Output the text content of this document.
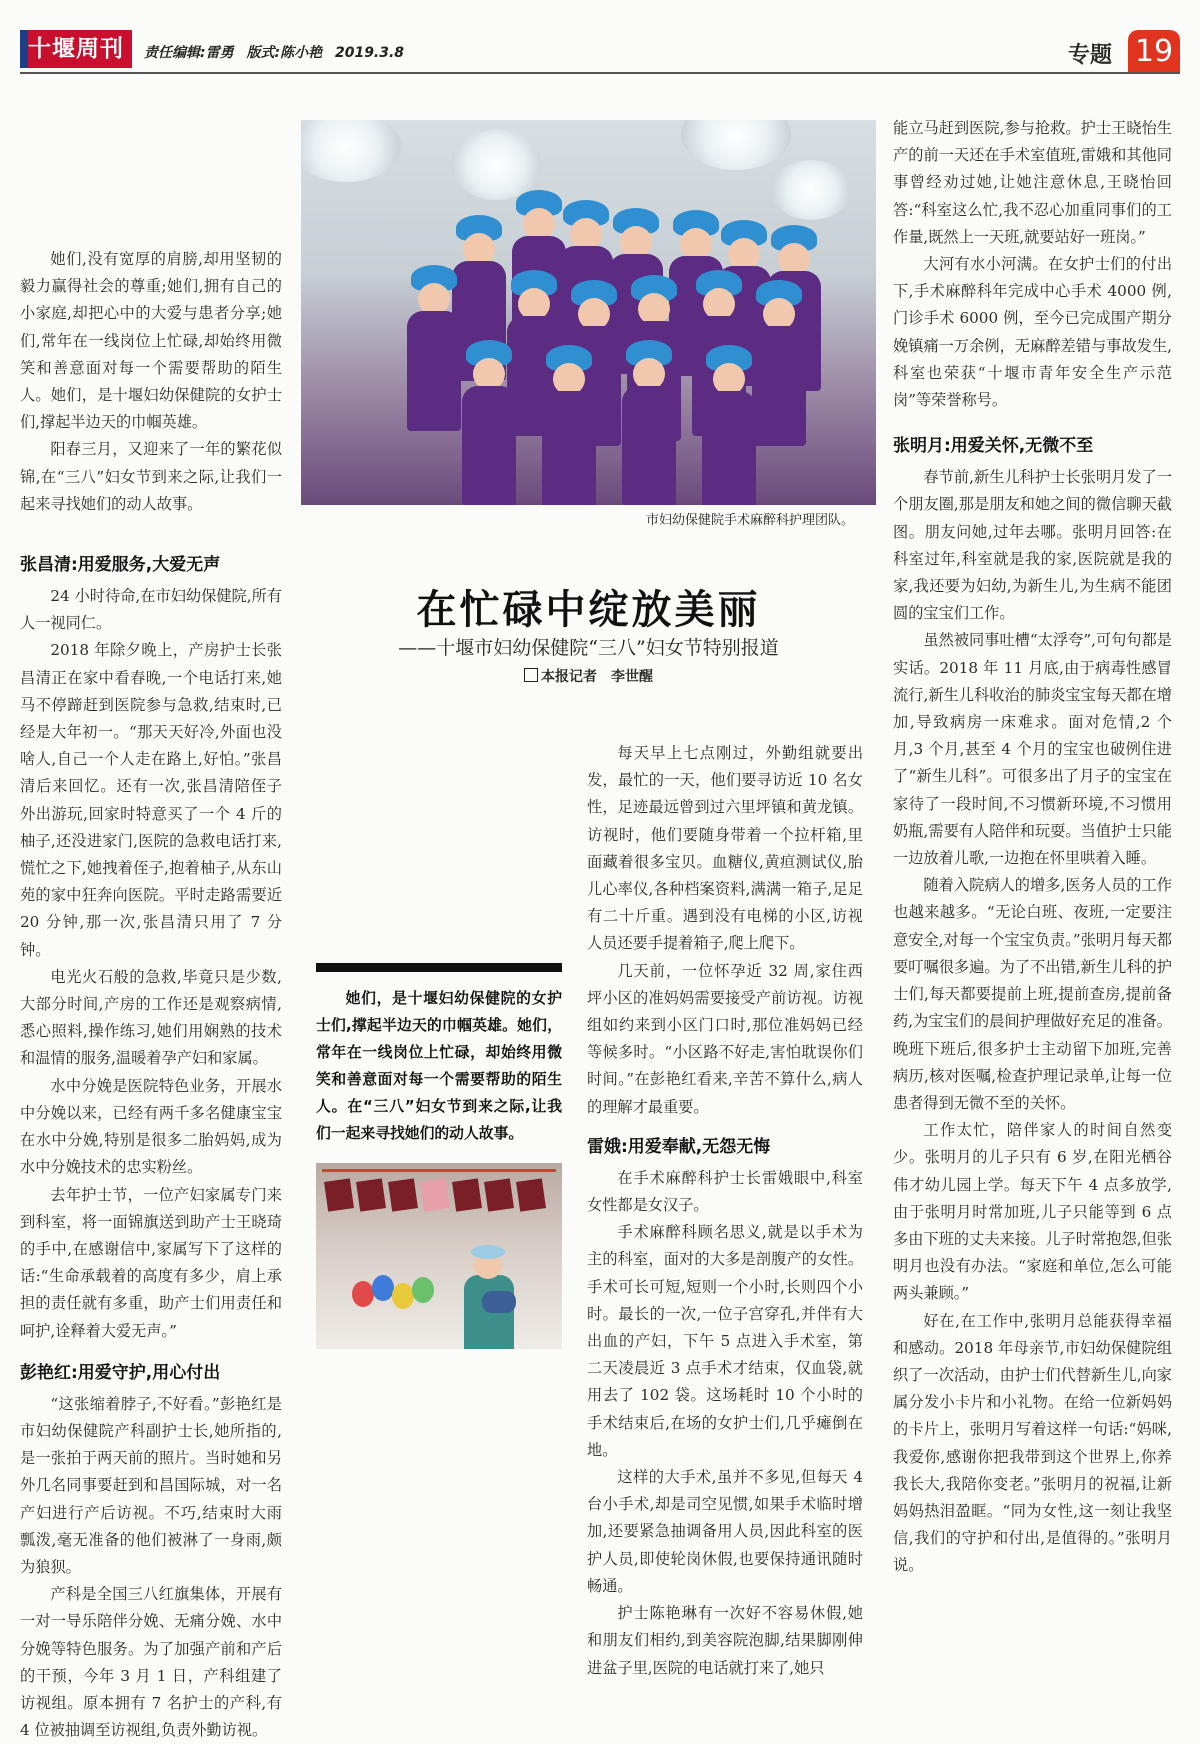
十堰周刊	责任编辑:雷勇 版式:陈小艳 2019.3.8	专题 19

她们,没有宽厚的肩膀,却用坚韧的毅力赢得社会的尊重;她们,拥有自己的小家庭,却把心中的大爱与患者分享;她们,常年在一线岗位上忙碌,却始终用微笑和善意面对每一个需要帮助的陌生人。她们，是十堰妇幼保健院的女护士们,撑起半边天的巾帼英雄。

阳春三月，又迎来了一年的繁花似锦,在“三八”妇女节到来之际,让我们一起来寻找她们的动人故事。

张昌清:用爱服务,大爱无声

24 小时待命,在市妇幼保健院,所有人一视同仁。

2018 年除夕晚上，产房护士长张昌清正在家中看春晚,一个电话打来,她马不停蹄赶到医院参与急救,结束时,已经是大年初一。“那天天好冷,外面也没啥人,自己一个人走在路上,好怕。”张昌清后来回忆。还有一次,张昌清陪侄子外出游玩,回家时特意买了一个 4 斤的柚子,还没进家门,医院的急救电话打来,慌忙之下,她拽着侄子,抱着柚子,从东山苑的家中狂奔向医院。平时走路需要近 20 分钟,那一次,张昌清只用了 7 分钟。

电光火石般的急救,毕竟只是少数,大部分时间,产房的工作还是观察病情,悉心照料,操作练习,她们用娴熟的技术和温情的服务,温暖着孕产妇和家属。

水中分娩是医院特色业务，开展水中分娩以来，已经有两千多名健康宝宝在水中分娩,特别是很多二胎妈妈,成为水中分娩技术的忠实粉丝。

去年护士节，一位产妇家属专门来到科室，将一面锦旗送到助产士王晓琦的手中,在感谢信中,家属写下了这样的话:“生命承载着的高度有多少，肩上承担的责任就有多重，助产士们用责任和呵护,诠释着大爱无声。”

彭艳红:用爱守护,用心付出

“这张缩着脖子,不好看。”彭艳红是市妇幼保健院产科副护士长,她所指的,是一张拍于两天前的照片。当时她和另外几名同事要赶到和昌国际城，对一名产妇进行产后访视。不巧,结束时大雨瓢泼,毫无准备的他们被淋了一身雨,颇为狼狈。

产科是全国三八红旗集体，开展有一对一导乐陪伴分娩、无痛分娩、水中分娩等特色服务。为了加强产前和产后的干预，今年 3 月 1 日，产科组建了访视组。原本拥有 7 名护士的产科,有 4 位被抽调至访视组,负责外勤访视。

市妇幼保健院手术麻醉科护理团队。
在忙碌中绽放美丽
——十堰市妇幼保健院“三八”妇女节特别报道
本报记者　李世醒

她们，是十堰妇幼保健院的女护士们,撑起半边天的巾帼英雄。她们，常年在一线岗位上忙碌，却始终用微笑和善意面对每一个需要帮助的陌生人。在“三八”妇女节到来之际,让我们一起来寻找她们的动人故事。

每天早上七点刚过，外勤组就要出发，最忙的一天，他们要寻访近 10 名女性，足迹最远曾到过六里坪镇和黄龙镇。访视时，他们要随身带着一个拉杆箱,里面藏着很多宝贝。血糖仪,黄疸测试仪,胎儿心率仪,各种档案资料,满满一箱子,足足有二十斤重。遇到没有电梯的小区,访视人员还要手提着箱子,爬上爬下。

几天前，一位怀孕近 32 周,家住西坪小区的准妈妈需要接受产前访视。访视组如约来到小区门口时,那位准妈妈已经等候多时。“小区路不好走,害怕耽误你们时间。”在彭艳红看来,辛苦不算什么,病人的理解才最重要。

雷娥:用爱奉献,无怨无悔

在手术麻醉科护士长雷娥眼中,科室女性都是女汉子。

手术麻醉科顾名思义,就是以手术为主的科室，面对的大多是剖腹产的女性。手术可长可短,短则一个小时,长则四个小时。最长的一次,一位子宫穿孔,并伴有大出血的产妇，下午 5 点进入手术室，第二天凌晨近 3 点手术才结束，仅血袋,就用去了 102 袋。这场耗时 10 个小时的手术结束后,在场的女护士们,几乎瘫倒在地。

这样的大手术,虽并不多见,但每天 4 台小手术,却是司空见惯,如果手术临时增加,还要紧急抽调备用人员,因此科室的医护人员,即使轮岗休假,也要保持通讯随时畅通。

护士陈艳琳有一次好不容易休假,她和朋友们相约,到美容院泡脚,结果脚刚伸进盆子里,医院的电话就打来了,她只

能立马赶到医院,参与抢救。护士王晓怡生产的前一天还在手术室值班,雷娥和其他同事曾经劝过她,让她注意休息,王晓怡回答:“科室这么忙,我不忍心加重同事们的工作量,既然上一天班,就要站好一班岗。”

大河有水小河满。在女护士们的付出下,手术麻醉科年完成中心手术 4000 例,门诊手术 6000 例，至今已完成围产期分娩镇痛一万余例，无麻醉差错与事故发生,科室也荣获“十堰市青年安全生产示范岗”等荣誉称号。

张明月:用爱关怀,无微不至

春节前,新生儿科护士长张明月发了一个朋友圈,那是朋友和她之间的微信聊天截图。朋友问她,过年去哪。张明月回答:在科室过年,科室就是我的家,医院就是我的家,我还要为妇幼,为新生儿,为生病不能团圆的宝宝们工作。

虽然被同事吐槽“太浮夸”,可句句都是实话。2018 年 11 月底,由于病毒性感冒流行,新生儿科收治的肺炎宝宝每天都在增加,导致病房一床难求。面对危情,2 个月,3 个月,甚至 4 个月的宝宝也破例住进了“新生儿科”。可很多出了月子的宝宝在家待了一段时间,不习惯新环境,不习惯用奶瓶,需要有人陪伴和玩耍。当值护士只能一边放着儿歌,一边抱在怀里哄着入睡。

随着入院病人的增多,医务人员的工作也越来越多。“无论白班、夜班,一定要注意安全,对每一个宝宝负责。”张明月每天都要叮嘱很多遍。为了不出错,新生儿科的护士们,每天都要提前上班,提前查房,提前备药,为宝宝们的晨间护理做好充足的准备。晚班下班后,很多护士主动留下加班,完善病历,核对医嘱,检查护理记录单,让每一位患者得到无微不至的关怀。

工作太忙，陪伴家人的时间自然变少。张明月的儿子只有 6 岁,在阳光栖谷伟才幼儿园上学。每天下午 4 点多放学,由于张明月时常加班,儿子只能等到 6 点多由下班的丈夫来接。儿子时常抱怨,但张明月也没有办法。“家庭和单位,怎么可能两头兼顾。”

好在,在工作中,张明月总能获得幸福和感动。2018 年母亲节,市妇幼保健院组织了一次活动，由护士们代替新生儿,向家属分发小卡片和小礼物。在给一位新妈妈的卡片上，张明月写着这样一句话:“妈咪,我爱你,感谢你把我带到这个世界上,你养我长大,我陪你变老。”张明月的祝福,让新妈妈热泪盈眶。“同为女性,这一刻让我坚信,我们的守护和付出,是值得的。”张明月说。
